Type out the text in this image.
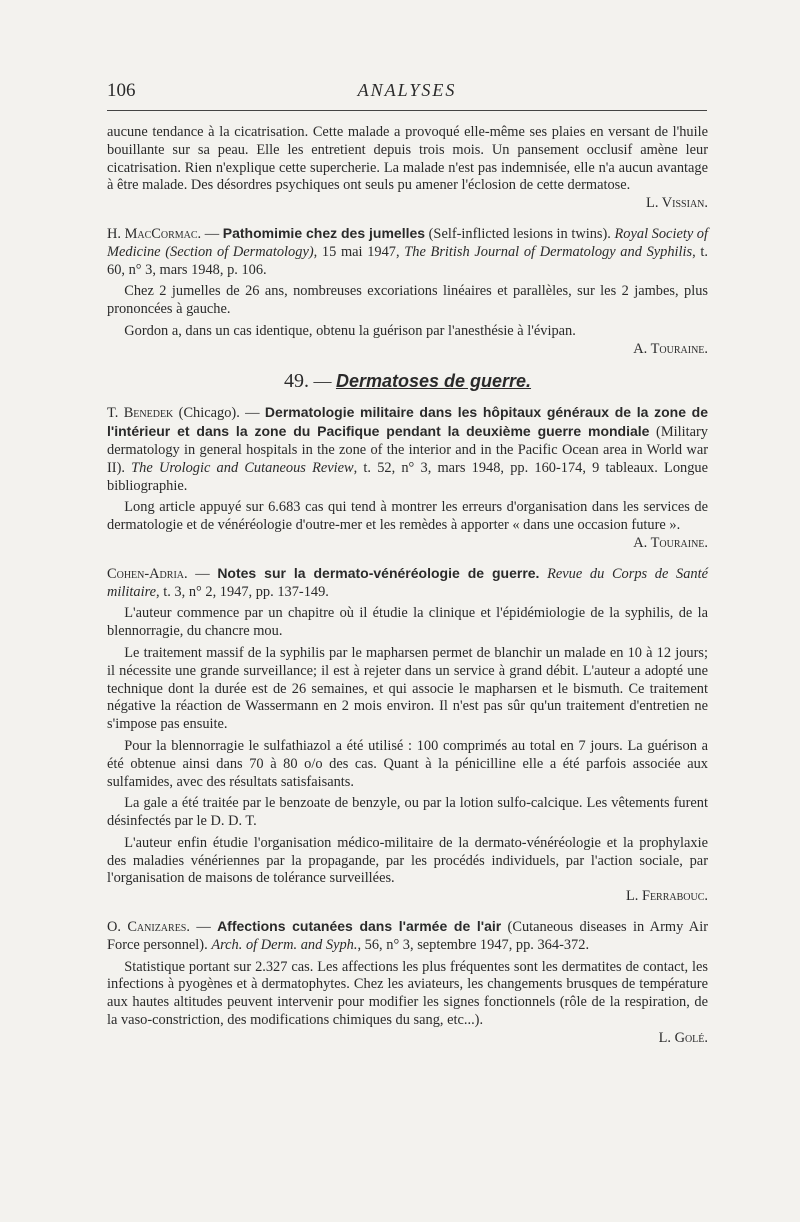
106	ANALYSES

aucune tendance à la cicatrisation. Cette malade a provoqué elle-même ses plaies en versant de l'huile bouillante sur sa peau. Elle les entretient depuis trois mois. Un pansement occlusif amène leur cicatrisation. Rien n'explique cette supercherie. La malade n'est pas indemnisée, elle n'a aucun avantage à être malade. Des désordres psychiques ont seuls pu amener l'éclosion de cette dermatose.

L. Vissian.

H. MacCormac. — Pathomimie chez des jumelles (Self-inflicted lesions in twins). Royal Society of Medicine (Section of Dermatology), 15 mai 1947, The British Journal of Dermatology and Syphilis, t. 60, n° 3, mars 1948, p. 106.

Chez 2 jumelles de 26 ans, nombreuses excoriations linéaires et parallèles, sur les 2 jambes, plus prononcées à gauche.

Gordon a, dans un cas identique, obtenu la guérison par l'anesthésie à l'évipan.

A. Touraine.

49. — Dermatoses de guerre.

T. Benedek (Chicago). — Dermatologie militaire dans les hôpitaux généraux de la zone de l'intérieur et dans la zone du Pacifique pendant la deuxième guerre mondiale (Military dermatology in general hospitals in the zone of the interior and in the Pacific Ocean area in World war II). The Urologic and Cutaneous Review, t. 52, n° 3, mars 1948, pp. 160-174, 9 tableaux. Longue bibliographie.

Long article appuyé sur 6.683 cas qui tend à montrer les erreurs d'organisation dans les services de dermatologie et de vénéréologie d'outre-mer et les remèdes à apporter « dans une occasion future ».

A. Touraine.

Cohen-Adria. — Notes sur la dermato-vénéréologie de guerre. Revue du Corps de Santé militaire, t. 3, n° 2, 1947, pp. 137-149.

L'auteur commence par un chapitre où il étudie la clinique et l'épidémiologie de la syphilis, de la blennorragie, du chancre mou.

Le traitement massif de la syphilis par le mapharsen permet de blanchir un malade en 10 à 12 jours; il nécessite une grande surveillance; il est à rejeter dans un service à grand débit. L'auteur a adopté une technique dont la durée est de 26 semaines, et qui associe le mapharsen et le bismuth. Ce traitement négative la réaction de Wassermann en 2 mois environ. Il n'est pas sûr qu'un traitement d'entretien ne s'impose pas ensuite.

Pour la blennorragie le sulfathiazol a été utilisé : 100 comprimés au total en 7 jours. La guérison a été obtenue ainsi dans 70 à 80 o/o des cas. Quant à la pénicilline elle a été parfois associée aux sulfamides, avec des résultats satisfaisants.

La gale a été traitée par le benzoate de benzyle, ou par la lotion sulfo-calcique. Les vêtements furent désinfectés par le D. D. T.

L'auteur enfin étudie l'organisation médico-militaire de la dermato-vénéréologie et la prophylaxie des maladies vénériennes par la propagande, par les procédés individuels, par l'action sociale, par l'organisation de maisons de tolérance surveillées.

L. Ferrabouc.

O. Canizares. — Affections cutanées dans l'armée de l'air (Cutaneous diseases in Army Air Force personnel). Arch. of Derm. and Syph., 56, n° 3, septembre 1947, pp. 364-372.

Statistique portant sur 2.327 cas. Les affections les plus fréquentes sont les dermatites de contact, les infections à pyogènes et à dermatophytes. Chez les aviateurs, les changements brusques de température aux hautes altitudes peuvent intervenir pour modifier les signes fonctionnels (rôle de la respiration, de la vaso-constriction, des modifications chimiques du sang, etc...).

L. Golé.
